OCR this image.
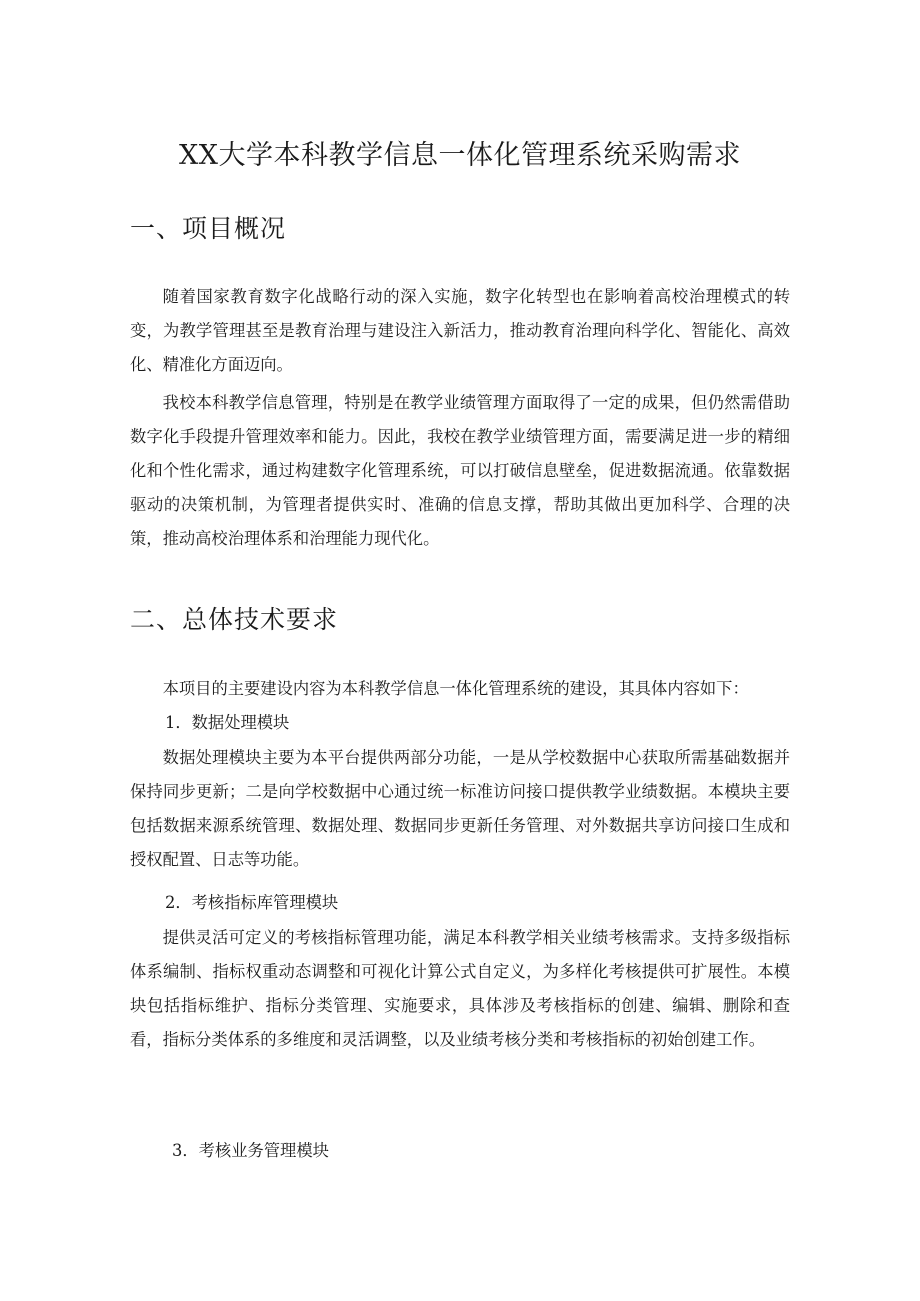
XX大学本科教学信息一体化管理系统采购需求
一、项目概况

随着国家教育数字化战略行动的深入实施，数字化转型也在影响着高校治理模式的转变，为教学管理甚至是教育治理与建设注入新活力，推动教育治理向科学化、智能化、高效化、精准化方面迈向。

我校本科教学信息管理，特别是在教学业绩管理方面取得了一定的成果，但仍然需借助数字化手段提升管理效率和能力。因此，我校在教学业绩管理方面，需要满足进一步的精细化和个性化需求，通过构建数字化管理系统，可以打破信息壁垒，促进数据流通。依靠数据驱动的决策机制，为管理者提供实时、准确的信息支撑，帮助其做出更加科学、合理的决策，推动高校治理体系和治理能力现代化。

二、总体技术要求

本项目的主要建设内容为本科教学信息一体化管理系统的建设，其具体内容如下：

1．数据处理模块

数据处理模块主要为本平台提供两部分功能，一是从学校数据中心获取所需基础数据并保持同步更新；二是向学校数据中心通过统一标准访问接口提供教学业绩数据。本模块主要包括数据来源系统管理、数据处理、数据同步更新任务管理、对外数据共享访问接口生成和授权配置、日志等功能。

2．考核指标库管理模块

提供灵活可定义的考核指标管理功能，满足本科教学相关业绩考核需求。支持多级指标体系编制、指标权重动态调整和可视化计算公式自定义，为多样化考核提供可扩展性。本模块包括指标维护、指标分类管理、实施要求，具体涉及考核指标的创建、编辑、删除和查看，指标分类体系的多维度和灵活调整，以及业绩考核分类和考核指标的初始创建工作。

3．考核业务管理模块
